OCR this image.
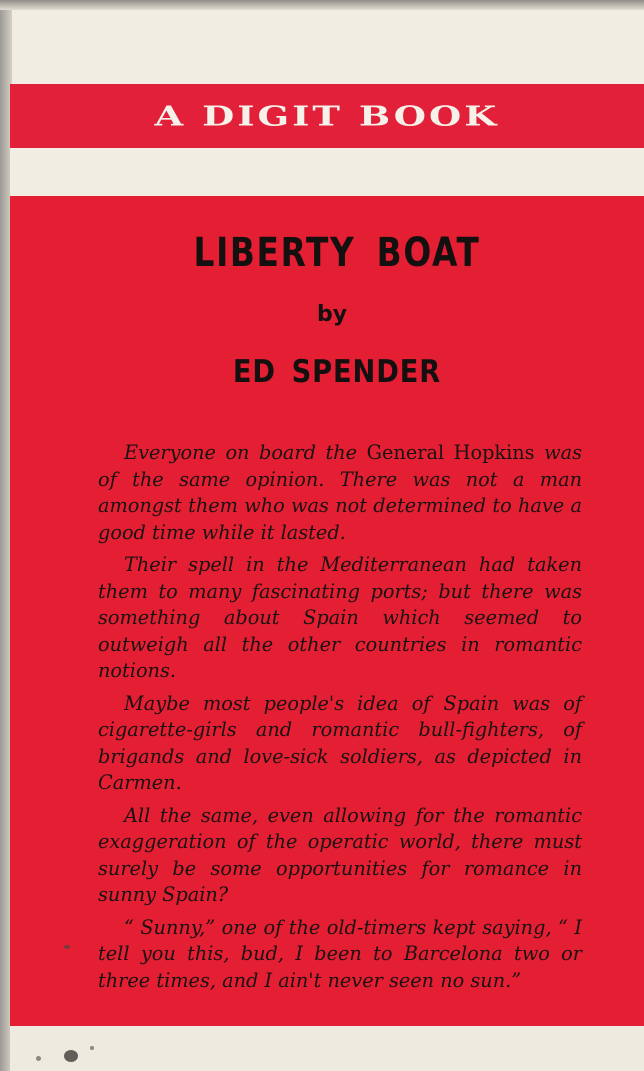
A DIGIT BOOK
LIBERTY BOAT
by
ED SPENDER

Everyone on board the General Hopkins was of the same opinion. There was not a man amongst them who was not determined to have a good time while it lasted.

Their spell in the Mediterranean had taken them to many fascinating ports; but there was something about Spain which seemed to outweigh all the other countries in romantic notions.

Maybe most people's idea of Spain was of cigarette-girls and romantic bull-fighters, of brigands and love-sick soldiers, as depicted in Carmen.

All the same, even allowing for the romantic exaggeration of the operatic world, there must surely be some opportunities for romance in sunny Spain?

“ Sunny,” one of the old-timers kept saying, “ I tell you this, bud, I been to Barcelona two or three times, and I ain't never seen no sun.”
